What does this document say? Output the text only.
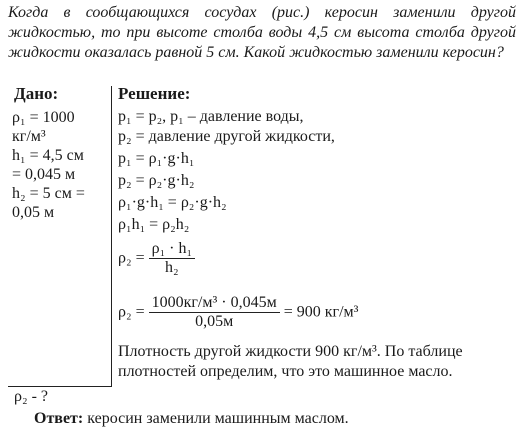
Когда в сообщающихся сосудах (рис.) керосин заменили другой жидкостью, то при высоте столба воды 4,5 см высота столба другой жидкости оказалась равной 5 см. Какой жидкостью заменили керосин?
Дано:
ρ₁ = 1000
кг/м³
h₁ = 4,5 см
= 0,045 м
h₂ = 5 см =
0,05 м
ρ₂ - ?
Решение:
p₁ = p₂, p₁ – давление воды,
p₂ = давление другой жидкости,
p₁ = ρ₁·g·h₁
p₂ = ρ₂·g·h₂
ρ₁·g·h₁ = ρ₂·g·h₂
ρ₁h₁ = ρ₂h₂
$\rho_2 = \frac{\text{ρ₁ · h₁}}{\text{h₂}}$
$\rho_2 = \frac{\text{1000кг/м³ · 0,045м}}{0,05м} = 900$ кг/м³
Плотность другой жидкости 900 кг/м³. По таблице плотностей определим, что это машинное масло.
Ответ: керосин заменили машинным маслом.
